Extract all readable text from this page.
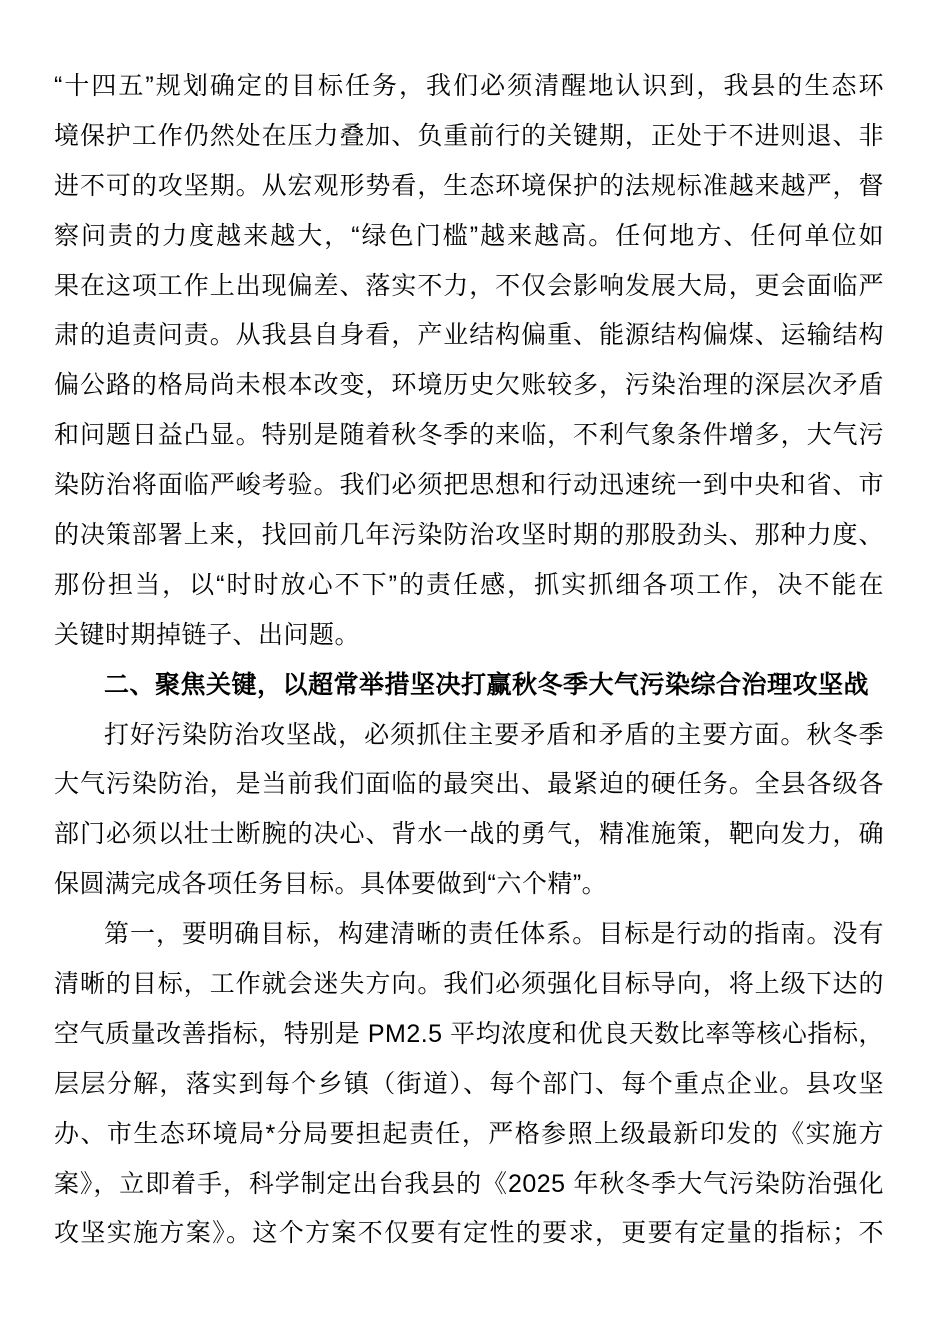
“十四五”规划确定的目标任务，我们必须清醒地认识到，我县的生态环
境保护工作仍然处在压力叠加、负重前行的关键期，正处于不进则退、非
进不可的攻坚期。从宏观形势看，生态环境保护的法规标准越来越严，督
察问责的力度越来越大，“绿色门槛”越来越高。任何地方、任何单位如
果在这项工作上出现偏差、落实不力，不仅会影响发展大局，更会面临严
肃的追责问责。从我县自身看，产业结构偏重、能源结构偏煤、运输结构
偏公路的格局尚未根本改变，环境历史欠账较多，污染治理的深层次矛盾
和问题日益凸显。特别是随着秋冬季的来临，不利气象条件增多，大气污
染防治将面临严峻考验。我们必须把思想和行动迅速统一到中央和省、市
的决策部署上来，找回前几年污染防治攻坚时期的那股劲头、那种力度、
那份担当，以“时时放心不下”的责任感，抓实抓细各项工作，决不能在
关键时期掉链子、出问题。
二、聚焦关键，以超常举措坚决打赢秋冬季大气污染综合治理攻坚战
打好污染防治攻坚战，必须抓住主要矛盾和矛盾的主要方面。秋冬季
大气污染防治，是当前我们面临的最突出、最紧迫的硬任务。全县各级各
部门必须以壮士断腕的决心、背水一战的勇气，精准施策，靶向发力，确
保圆满完成各项任务目标。具体要做到“六个精”。
第一，要明确目标，构建清晰的责任体系。目标是行动的指南。没有
清晰的目标，工作就会迷失方向。我们必须强化目标导向，将上级下达的
空气质量改善指标，特别是 PM2.5 平均浓度和优良天数比率等核心指标，
层层分解，落实到每个乡镇（街道）、每个部门、每个重点企业。县攻坚
办、市生态环境局*分局要担起责任，严格参照上级最新印发的《实施方
案》，立即着手，科学制定出台我县的《2025 年秋冬季大气污染防治强化
攻坚实施方案》。这个方案不仅要有定性的要求，更要有定量的指标；不
